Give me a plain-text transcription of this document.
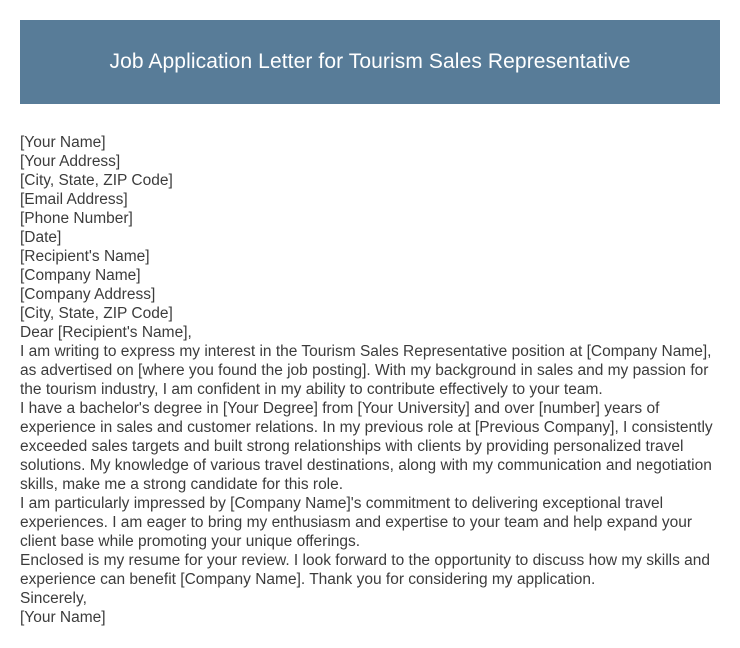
Job Application Letter for Tourism Sales Representative

[Your Name]

[Your Address]

[City, State, ZIP Code]

[Email Address]

[Phone Number]

[Date]

[Recipient's Name]

[Company Name]

[Company Address]

[City, State, ZIP Code]

Dear [Recipient's Name],

I am writing to express my interest in the Tourism Sales Representative position at [Company Name], as advertised on [where you found the job posting]. With my background in sales and my passion for the tourism industry, I am confident in my ability to contribute effectively to your team.

I have a bachelor's degree in [Your Degree] from [Your University] and over [number] years of experience in sales and customer relations. In my previous role at [Previous Company], I consistently exceeded sales targets and built strong relationships with clients by providing personalized travel solutions. My knowledge of various travel destinations, along with my communication and negotiation skills, make me a strong candidate for this role.

I am particularly impressed by [Company Name]'s commitment to delivering exceptional travel experiences. I am eager to bring my enthusiasm and expertise to your team and help expand your client base while promoting your unique offerings.

Enclosed is my resume for your review. I look forward to the opportunity to discuss how my skills and experience can benefit [Company Name]. Thank you for considering my application.

Sincerely,

[Your Name]
